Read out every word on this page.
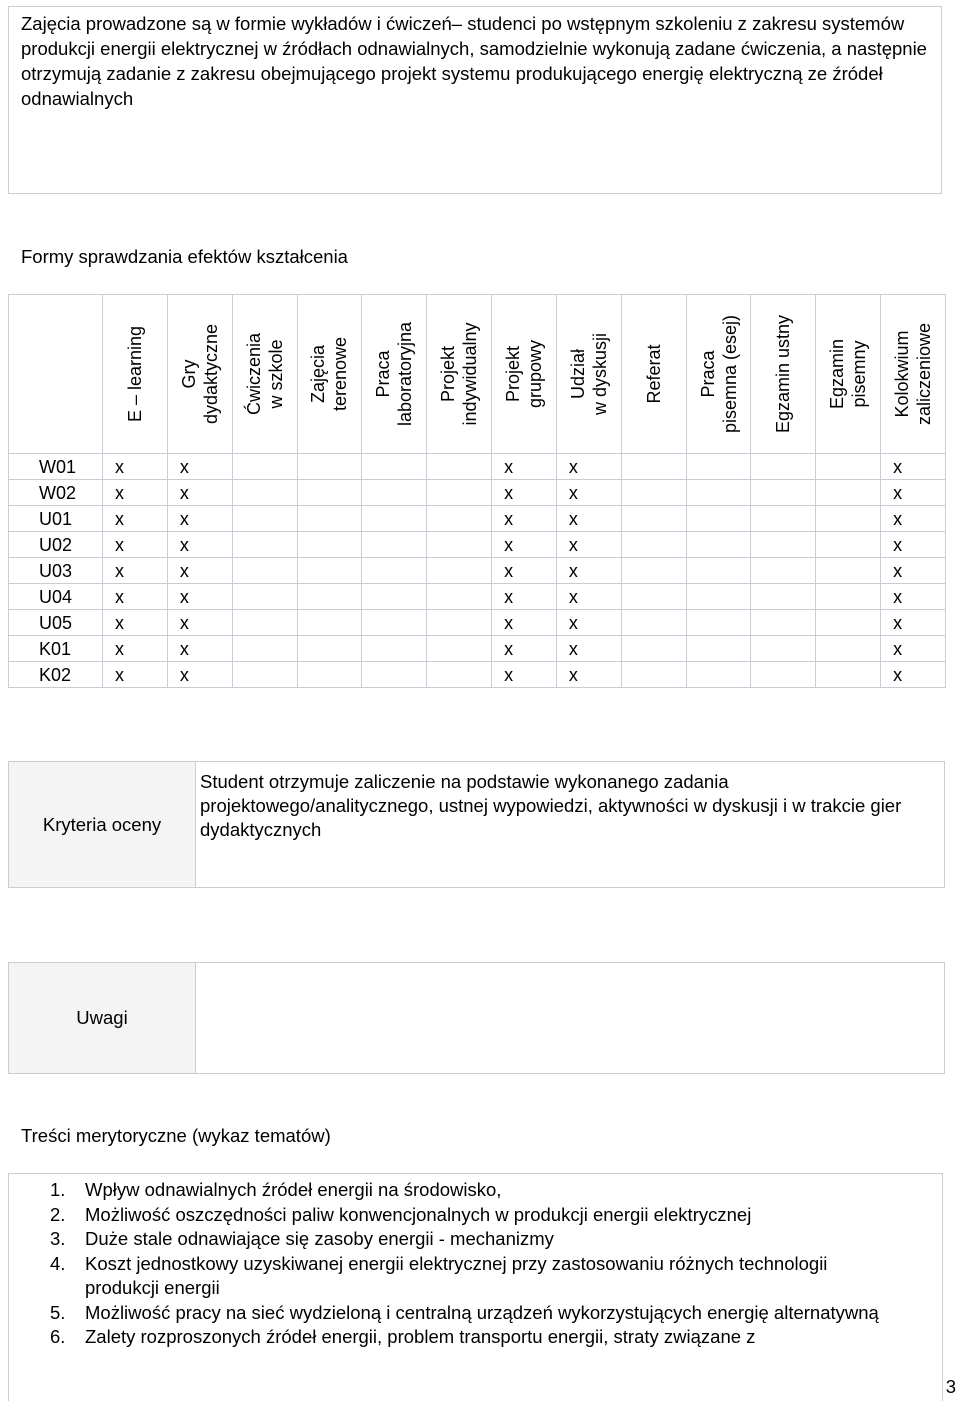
Zajęcia prowadzone są w formie wykładów i ćwiczeń– studenci po wstępnym szkoleniu z zakresu systemów produkcji energii elektrycznej w źródłach odnawialnych, samodzielnie wykonują zadane ćwiczenia, a następnie otrzymują zadanie z zakresu obejmującego projekt systemu produkującego energię elektryczną ze źródeł odnawialnych
Formy sprawdzania efektów kształcenia

	E – learning	Gry dydaktyczne	Ćwiczenia w szkole	Zajęcia terenowe	Praca laboratoryjna	Projekt indywidualny	Projekt grupowy	Udział w dyskusji	Referat	Praca pisemna (esej)	Egzamin ustny	Egzamin pisemny	Kolokwium zaliczeniowe

W01	x	x					x	x					x
W02	x	x					x	x					x
U01	x	x					x	x					x
U02	x	x					x	x					x
U03	x	x					x	x					x
U04	x	x					x	x					x
U05	x	x					x	x					x
K01	x	x					x	x					x
K02	x	x					x	x					x
Kryteria oceny	Student otrzymuje zaliczenie na podstawie wykonanego zadania projektowego/analitycznego, ustnej wypowiedzi, aktywności w dyskusji i w trakcie gier dydaktycznych
Uwagi	
Treści merytoryczne (wykaz tematów)
1. Wpływ odnawialnych źródeł energii na środowisko,
2. Możliwość oszczędności paliw konwencjonalnych w produkcji energii elektrycznej
3. Duże stale odnawiające się zasoby energii - mechanizmy
4. Koszt jednostkowy uzyskiwanej energii elektrycznej przy zastosowaniu różnych technologii produkcji energii
5. Możliwość pracy na sieć wydzieloną i centralną urządzeń wykorzystujących energię alternatywną
6. Zalety rozproszonych źródeł energii, problem transportu energii, straty związane z
3
